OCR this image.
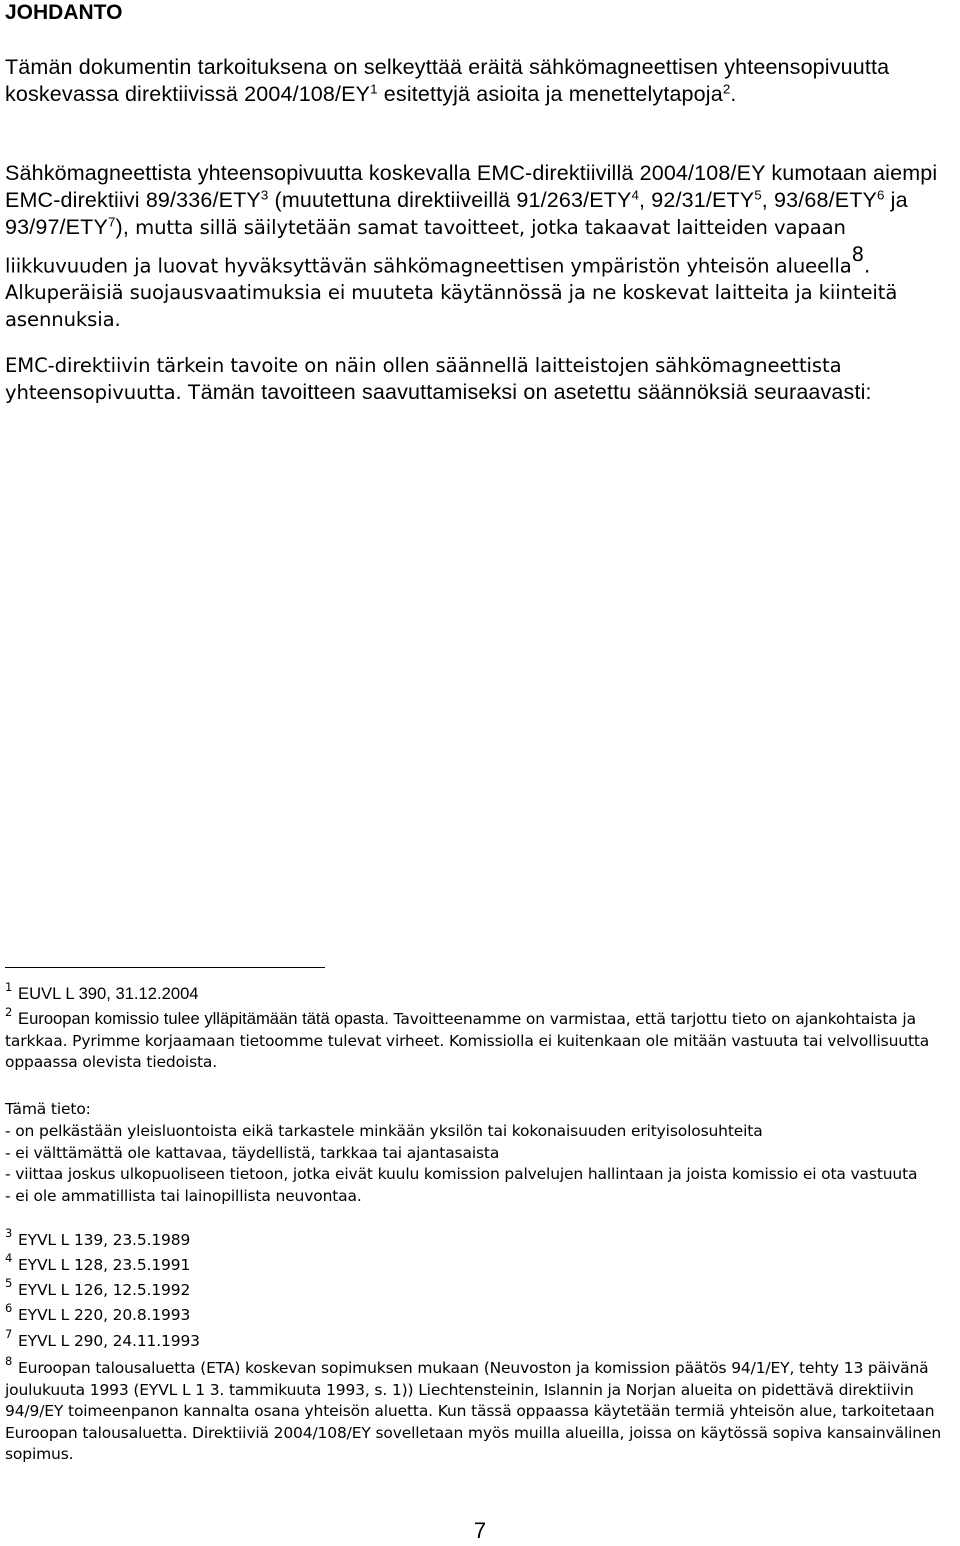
JOHDANTO

Tämän dokumentin tarkoituksena on selkeyttää eräitä sähkömagneettisen yhteensopivuutta koskevassa direktiivissä $2004/108/EY^1$ esitettyjä asioita ja menettelytapoja$^2$.

Sähkömagneettista yhteensopivuutta koskevalla EMC-direktiivillä 2004/108/EY kumotaan aiempi EMC-direktiivi 89/336/ETY$^3$ (muutettuna direktiiveillä 91/263/ETY$^4$, 92/31/ETY$^5$, 93/68/ETY$^6$ ja 93/97/ETY$^7$), mutta sillä säilytetään samat tavoitteet, jotka takaavat laitteiden vapaan liikkuvuuden ja luovat hyväksyttävän sähkömagneettisen ympäristön yhteisön alueella$^8$. Alkuperäisiä suojausvaatimuksia ei muuteta käytännössä ja ne koskevat laitteita ja kiinteitä asennuksia.

EMC-direktiivin tärkein tavoite on näin ollen säännellä laitteistojen sähkömagneettista yhteensopivuutta. Tämän tavoitteen saavuttamiseksi on asetettu säännöksiä seuraavasti:

1 EUVL L 390, 31.12.2004

2 Euroopan komissio tulee ylläpitämään tätä opasta. Tavoitteenamme on varmistaa, että tarjottu tieto on ajankohtaista ja tarkkaa. Pyrimme korjaamaan tietoomme tulevat virheet. Komissiolla ei kuitenkaan ole mitään vastuuta tai velvollisuutta oppaassa olevista tiedoista.

Tämä tieto:

- on pelkästään yleisluontoista eikä tarkastele minkään yksilön tai kokonaisuuden erityisolosuhteita
- ei välttämättä ole kattavaa, täydellistä, tarkkaa tai ajantasaista
- viittaa joskus ulkopuoliseen tietoon, jotka eivät kuulu komission palvelujen hallintaan ja joista komissio ei ota vastuuta
- ei ole ammatillista tai lainopillista neuvontaa.

3 EYVL L 139, 23.5.1989

4 EYVL L 128, 23.5.1991

5 EYVL L 126, 12.5.1992

6 EYVL L 220, 20.8.1993

7 EYVL L 290, 24.11.1993

8 Euroopan talousaluetta (ETA) koskevan sopimuksen mukaan (Neuvoston ja komission päätös 94/1/EY, tehty 13 päivänä joulukuuta 1993 (EYVL L 1 3. tammikuuta 1993, s. 1)) Liechtensteinin, Islannin ja Norjan alueita on pidettävä direktiivin 94/9/EY toimeenpanon kannalta osana yhteisön aluetta. Kun tässä oppaassa käytetään termiä yhteisön alue, tarkoitetaan Euroopan talousaluetta. Direktiiviä 2004/108/EY sovelletaan myös muilla alueilla, joissa on käytössä sopiva kansainvälinen sopimus.

7
